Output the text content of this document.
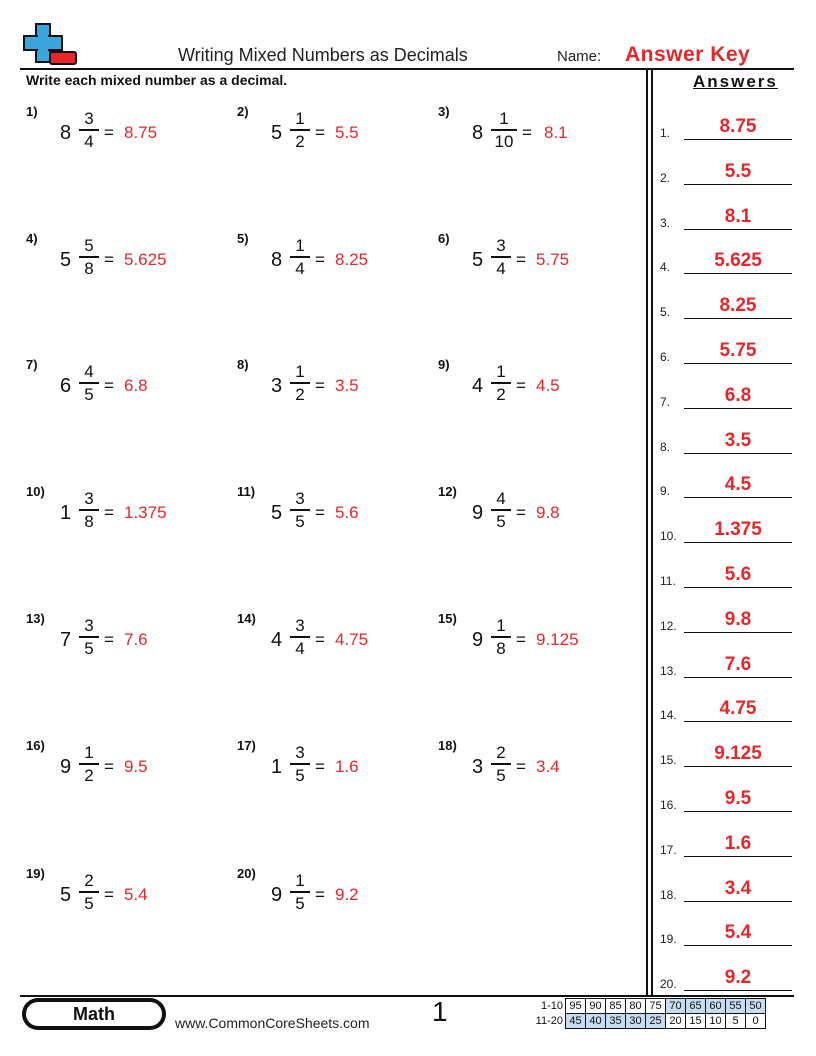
Writing Mixed Numbers as Decimals	Name: Answer Key
Write each mixed number as a decimal.	Answers
1)
8
3
4 = 8.75
2)
5
1
2 = 5.5
3)
8
1
10 = 8.1
4)
5
5
8 = 5.625
5)
8
1
4 = 8.25
6)
5
3
4 = 5.75
7)
6
4
5 = 6.8
8)
3
1
2 = 3.5
9)
4
1
2 = 4.5
10)
1
3
8 = 1.375
11)
5
3
5 = 5.6
12)
9
4
5 = 9.8
13)
7
3
5 = 7.6
14)
4
3
4 = 4.75
15)
9
1
8 = 9.125
16)
9
1
2 = 9.5
17)
1
3
5 = 1.6
18)
3
2
5 = 3.4
19)
5
2
5 = 5.4
20)
9
1
5 = 9.2
1.	8.75
2.	5.5
3.	8.1
4.	5.625
5.	8.25
6.	5.75
7.	6.8
8.	3.5
9.	4.5
10.	1.375
11.	5.6
12.	9.8
13.	7.6
14.	4.75
15.	9.125
16.	9.5
17.	1.6
18.	3.4
19.	5.4
20.	9.2
Math	www.CommonCoreSheets.com 1	1-10	95	90	85	80	75	70	65	60	55	50
11-20	45	40	35	30	25	20	15	10	5	0
